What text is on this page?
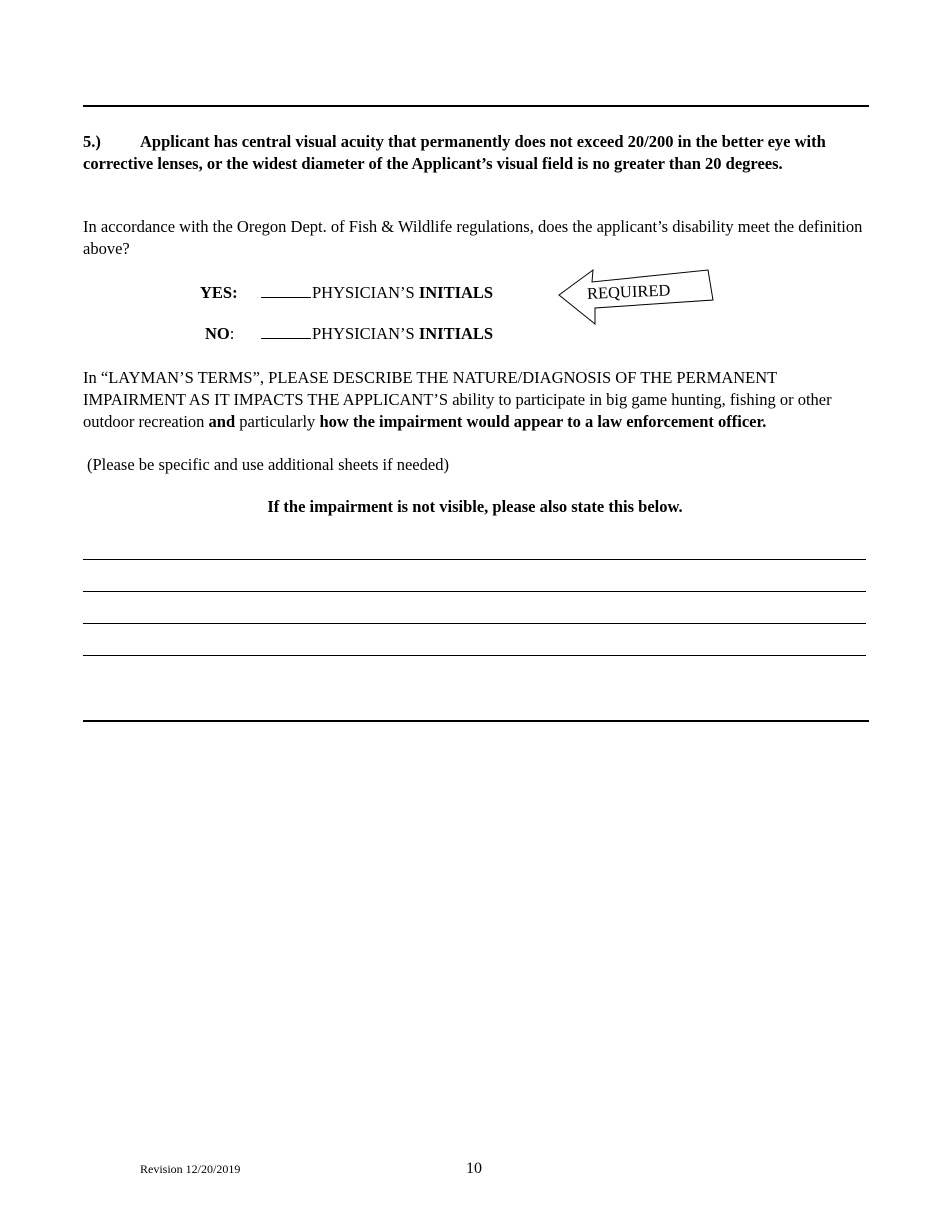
5.)	Applicant has central visual acuity that permanently does not exceed 20/200 in the better eye with corrective lenses, or the widest diameter of the Applicant’s visual field is no greater than 20 degrees.
In accordance with the Oregon Dept. of Fish & Wildlife regulations, does the applicant’s disability meet the definition above?
YES:	PHYSICIAN’S INITIALS	REQUIRED
NO:	PHYSICIAN’S INITIALS
In “LAYMAN’S TERMS”, PLEASE DESCRIBE THE NATURE/DIAGNOSIS OF THE PERMANENT IMPAIRMENT AS IT IMPACTS THE APPLICANT’S ability to participate in big game hunting, fishing or other outdoor recreation and particularly how the impairment would appear to a law enforcement officer.
(Please be specific and use additional sheets if needed)
If the impairment is not visible, please also state this below.
Revision 12/20/2019	10
